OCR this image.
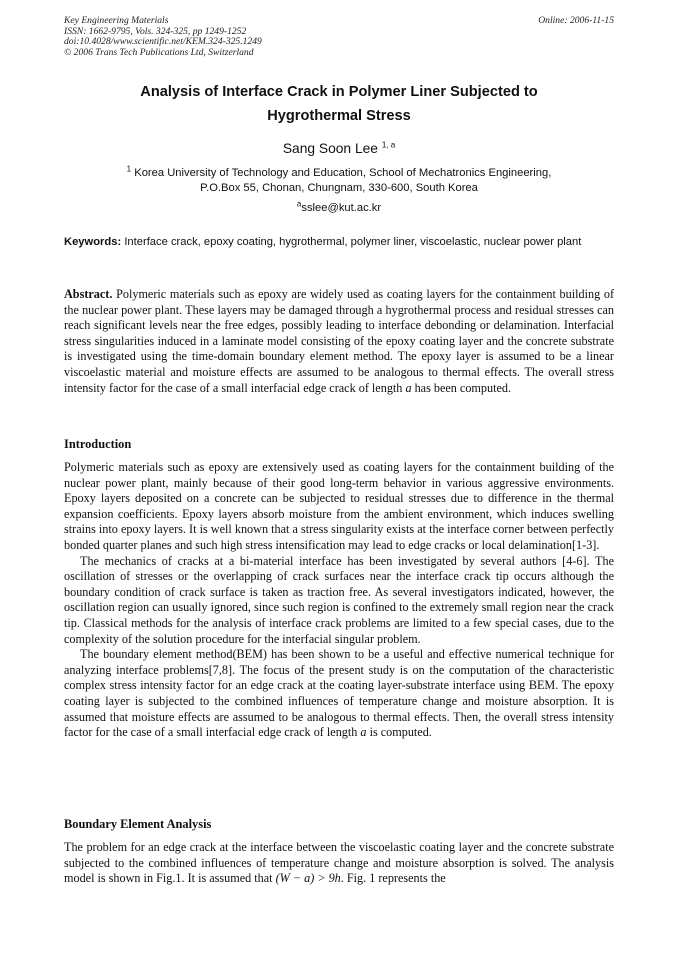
Key Engineering Materials
ISSN: 1662-9795, Vols. 324-325, pp 1249-1252
doi:10.4028/www.scientific.net/KEM.324-325.1249
© 2006 Trans Tech Publications Ltd, Switzerland
Online: 2006-11-15
Analysis of Interface Crack in Polymer Liner Subjected to
Hygrothermal Stress
Sang Soon Lee $^{1, a}$
$^1$ Korea University of Technology and Education, School of Mechatronics Engineering,
P.O.Box 55, Chonan, Chungnam, 330-600, South Korea
$^a$sslee@kut.ac.kr
Keywords: Interface crack, epoxy coating, hygrothermal, polymer liner, viscoelastic, nuclear power plant
Abstract. Polymeric materials such as epoxy are widely used as coating layers for the containment building of the nuclear power plant. These layers may be damaged through a hygrothermal process and residual stresses can reach significant levels near the free edges, possibly leading to interface debonding or delamination. Interfacial stress singularities induced in a laminate model consisting of the epoxy coating layer and the concrete substrate is investigated using the time-domain boundary element method. The epoxy layer is assumed to be a linear viscoelastic material and moisture effects are assumed to be analogous to thermal effects. The overall stress intensity factor for the case of a small interfacial edge crack of length a has been computed.
Introduction

Polymeric materials such as epoxy are extensively used as coating layers for the containment building of the nuclear power plant, mainly because of their good long-term behavior in various aggressive environments. Epoxy layers deposited on a concrete can be subjected to residual stresses due to difference in the thermal expansion coefficients. Epoxy layers absorb moisture from the ambient environment, which induces swelling strains into epoxy layers. It is well known that a stress singularity exists at the interface corner between perfectly bonded quarter planes and such high stress intensification may lead to edge cracks or local delamination[1-3].

The mechanics of cracks at a bi-material interface has been investigated by several authors [4-6]. The oscillation of stresses or the overlapping of crack surfaces near the interface crack tip occurs although the boundary condition of crack surface is taken as traction free. As several investigators indicated, however, the oscillation region can usually ignored, since such region is confined to the extremely small region near the crack tip. Classical methods for the analysis of interface crack problems are limited to a few special cases, due to the complexity of the solution procedure for the interfacial singular problem.

The boundary element method(BEM) has been shown to be a useful and effective numerical technique for analyzing interface problems[7,8]. The focus of the present study is on the computation of the characteristic complex stress intensity factor for an edge crack at the coating layer-substrate interface using BEM. The epoxy coating layer is subjected to the combined influences of temperature change and moisture absorption. It is assumed that moisture effects are assumed to be analogous to thermal effects. Then, the overall stress intensity factor for the case of a small interfacial edge crack of length a is computed.

Boundary Element Analysis

The problem for an edge crack at the interface between the viscoelastic coating layer and the concrete substrate subjected to the combined influences of temperature change and moisture absorption is solved. The analysis model is shown in Fig.1. It is assumed that (W − a) > 9h. Fig. 1 represents the
